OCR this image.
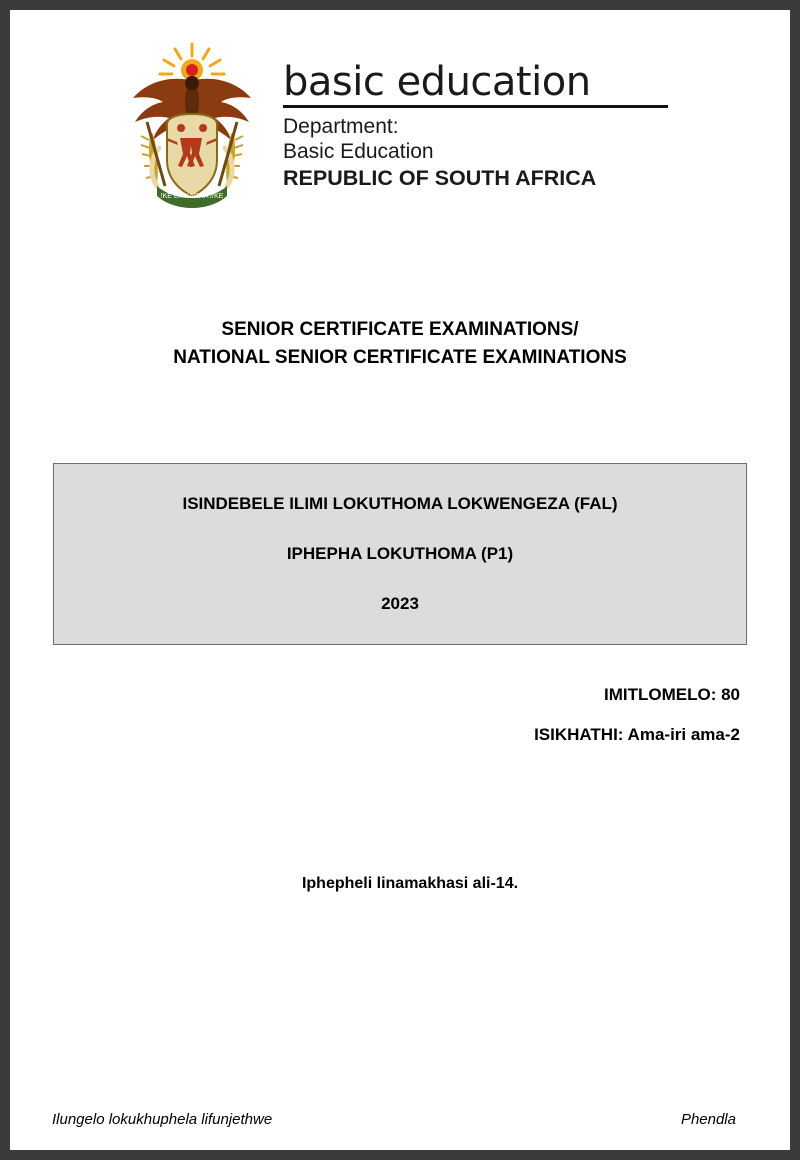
!KE E: /XARRA //KE
basic education
Department:
Basic Education
REPUBLIC OF SOUTH AFRICA
SENIOR CERTIFICATE EXAMINATIONS/
NATIONAL SENIOR CERTIFICATE EXAMINATIONS
ISINDEBELE ILIMI LOKUTHOMA LOKWENGEZA (FAL)
IPHEPHA LOKUTHOMA (P1)
2023
IMITLOMELO: 80
ISIKHATHI: Ama-iri ama-2
Iphepheli linamakhasi ali-14.
Ilungelo lokukhuphela lifunjethwe	Phendla
